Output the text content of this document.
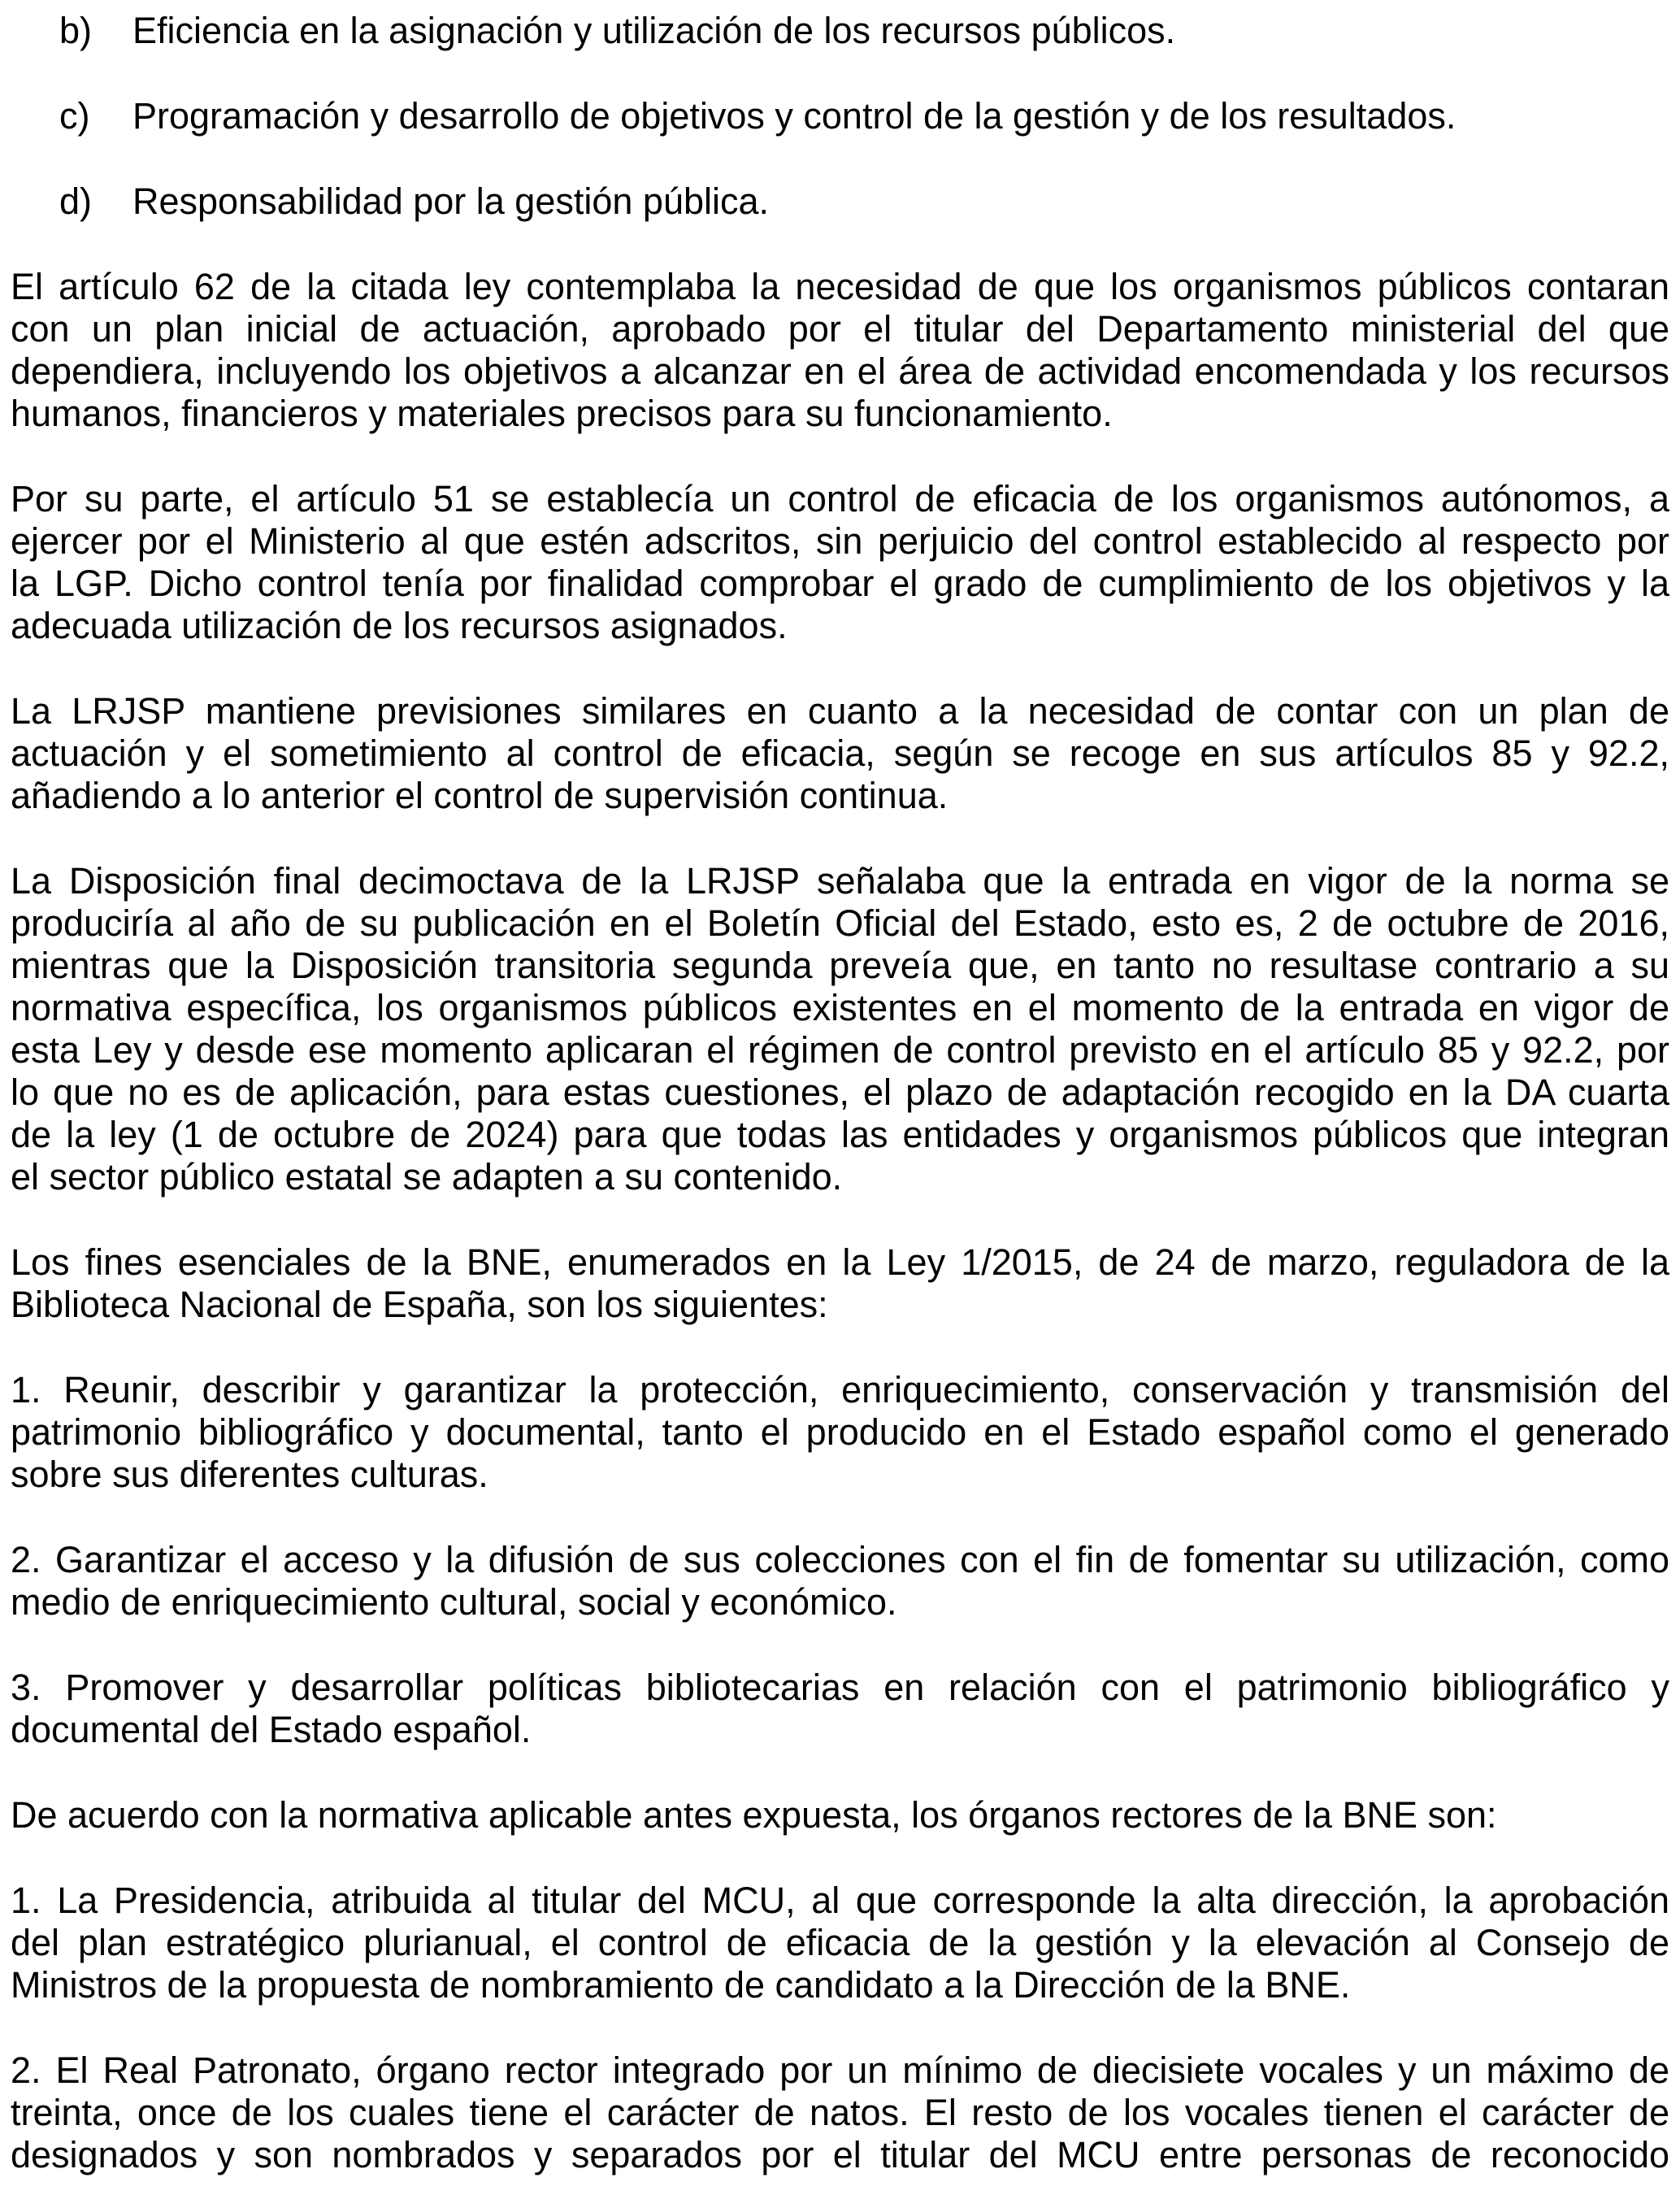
b) Eficiencia en la asignación y utilización de los recursos públicos.
c) Programación y desarrollo de objetivos y control de la gestión y de los resultados.
d) Responsabilidad por la gestión pública.
El artículo 62 de la citada ley contemplaba la necesidad de que los organismos públicos contaran
con un plan inicial de actuación, aprobado por el titular del Departamento ministerial del que
dependiera, incluyendo los objetivos a alcanzar en el área de actividad encomendada y los recursos
humanos, financieros y materiales precisos para su funcionamiento.
Por su parte, el artículo 51 se establecía un control de eficacia de los organismos autónomos, a
ejercer por el Ministerio al que estén adscritos, sin perjuicio del control establecido al respecto por
la LGP. Dicho control tenía por finalidad comprobar el grado de cumplimiento de los objetivos y la
adecuada utilización de los recursos asignados.
La LRJSP mantiene previsiones similares en cuanto a la necesidad de contar con un plan de
actuación y el sometimiento al control de eficacia, según se recoge en sus artículos 85 y 92.2,
añadiendo a lo anterior el control de supervisión continua.
La Disposición final decimoctava de la LRJSP señalaba que la entrada en vigor de la norma se
produciría al año de su publicación en el Boletín Oficial del Estado, esto es, 2 de octubre de 2016,
mientras que la Disposición transitoria segunda preveía que, en tanto no resultase contrario a su
normativa específica, los organismos públicos existentes en el momento de la entrada en vigor de
esta Ley y desde ese momento aplicaran el régimen de control previsto en el artículo 85 y 92.2, por
lo que no es de aplicación, para estas cuestiones, el plazo de adaptación recogido en la DA cuarta
de la ley (1 de octubre de 2024) para que todas las entidades y organismos públicos que integran
el sector público estatal se adapten a su contenido.
Los fines esenciales de la BNE, enumerados en la Ley 1/2015, de 24 de marzo, reguladora de la
Biblioteca Nacional de España, son los siguientes:
1. Reunir, describir y garantizar la protección, enriquecimiento, conservación y transmisión del
patrimonio bibliográfico y documental, tanto el producido en el Estado español como el generado
sobre sus diferentes culturas.
2. Garantizar el acceso y la difusión de sus colecciones con el fin de fomentar su utilización, como
medio de enriquecimiento cultural, social y económico.
3. Promover y desarrollar políticas bibliotecarias en relación con el patrimonio bibliográfico y
documental del Estado español.
De acuerdo con la normativa aplicable antes expuesta, los órganos rectores de la BNE son:
1. La Presidencia, atribuida al titular del MCU, al que corresponde la alta dirección, la aprobación
del plan estratégico plurianual, el control de eficacia de la gestión y la elevación al Consejo de
Ministros de la propuesta de nombramiento de candidato a la Dirección de la BNE.
2. El Real Patronato, órgano rector integrado por un mínimo de diecisiete vocales y un máximo de
treinta, once de los cuales tiene el carácter de natos. El resto de los vocales tienen el carácter de
designados y son nombrados y separados por el titular del MCU entre personas de reconocido
